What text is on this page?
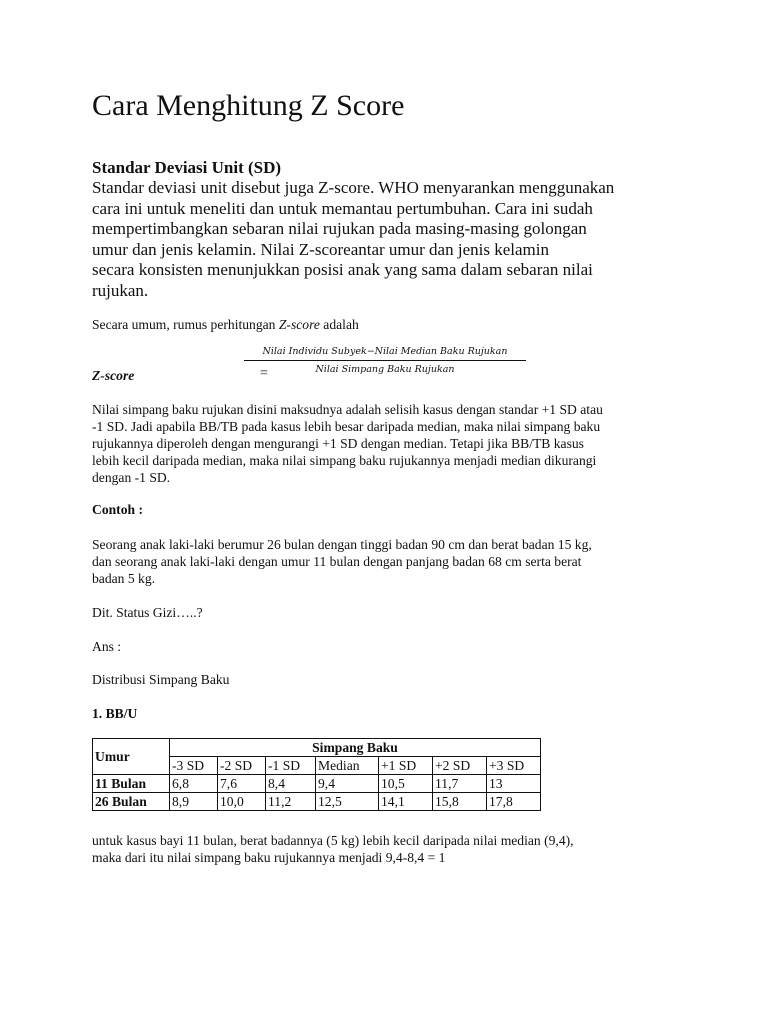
Cara Menghitung Z Score
Standar Deviasi Unit (SD)
Standar deviasi unit disebut juga Z-score. WHO menyarankan menggunakan
cara ini untuk meneliti dan untuk memantau pertumbuhan. Cara ini sudah
mempertimbangkan sebaran nilai rujukan pada masing-masing golongan
umur dan jenis kelamin. Nilai Z-scoreantar umur dan jenis kelamin
secara konsisten menunjukkan posisi anak yang sama dalam sebaran nilai
rujukan.
Secara umum, rumus perhitungan Z-score adalah
Z-score	=
Nilai Individu Subyek−Nilai Median Baku Rujukan
Nilai Simpang Baku Rujukan
Nilai simpang baku rujukan disini maksudnya adalah selisih kasus dengan standar +1 SD atau
-1 SD. Jadi apabila BB/TB pada kasus lebih besar daripada median, maka nilai simpang baku
rujukannya diperoleh dengan mengurangi +1 SD dengan median. Tetapi jika BB/TB kasus
lebih kecil daripada median, maka nilai simpang baku rujukannya menjadi median dikurangi
dengan -1 SD.
Contoh :
Seorang anak laki-laki berumur 26 bulan dengan tinggi badan 90 cm dan berat badan 15 kg,
dan seorang anak laki-laki dengan umur 11 bulan dengan panjang badan 68 cm serta berat
badan 5 kg.
Dit. Status Gizi…..?
Ans :
Distribusi Simpang Baku
1. BB/U
Umur	Simpang Baku						
	-3 SD	-2 SD	-1 SD	Median	+1 SD	+2 SD	+3 SD
11 Bulan	6,8	7,6	8,4	9,4	10,5	11,7	13
26 Bulan	8,9	10,0	11,2	12,5	14,1	15,8	17,8
untuk kasus bayi 11 bulan, berat badannya (5 kg) lebih kecil daripada nilai median (9,4),
maka dari itu nilai simpang baku rujukannya menjadi 9,4-8,4 = 1
